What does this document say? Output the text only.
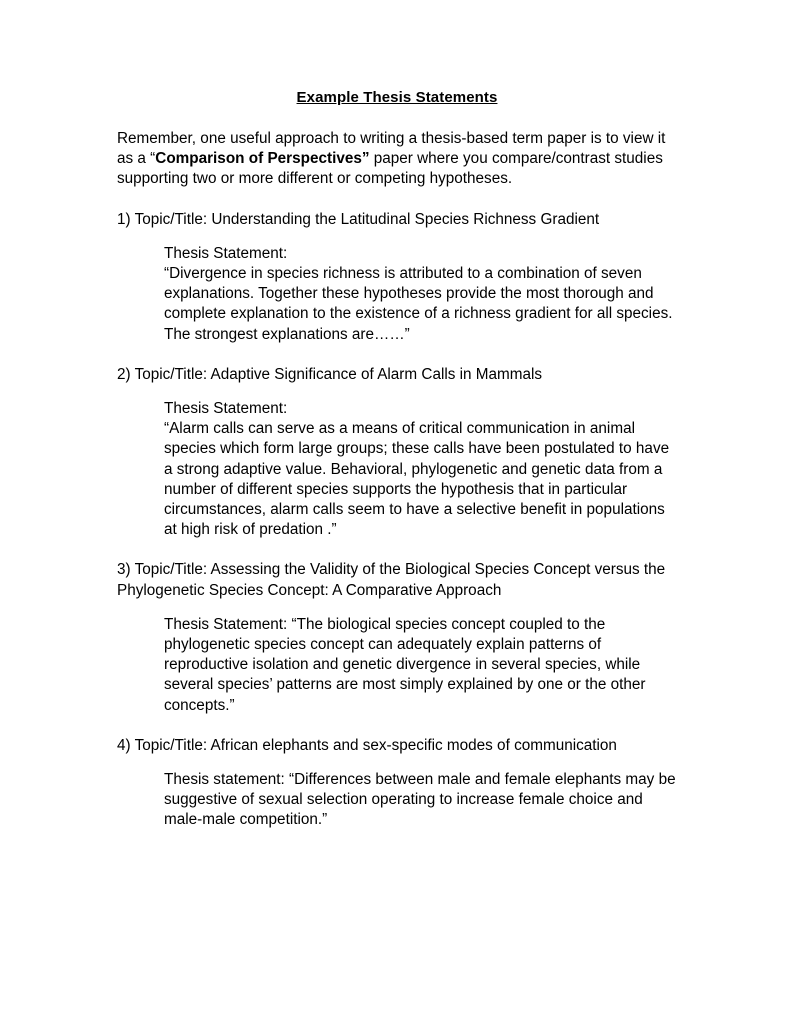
Example Thesis Statements

Remember, one useful approach to writing a thesis-based term paper is to view it as a “Comparison of Perspectives” paper where you compare/contrast studies supporting two or more different or competing hypotheses.

1) Topic/Title: Understanding the Latitudinal Species Richness Gradient

Thesis Statement:
“Divergence in species richness is attributed to a combination of seven explanations. Together these hypotheses provide the most thorough and complete explanation to the existence of a richness gradient for all species. The strongest explanations are……”

2) Topic/Title: Adaptive Significance of Alarm Calls in Mammals

Thesis Statement:
“Alarm calls can serve as a means of critical communication in animal species which form large groups; these calls have been postulated to have a strong adaptive value. Behavioral, phylogenetic and genetic data from a number of different species supports the hypothesis that in particular circumstances, alarm calls seem to have a selective benefit in populations at high risk of predation .”

3) Topic/Title: Assessing the Validity of the Biological Species Concept versus the Phylogenetic Species Concept: A Comparative Approach

Thesis Statement: “The biological species concept coupled to the phylogenetic species concept can adequately explain patterns of reproductive isolation and genetic divergence in several species, while several species’ patterns are most simply explained by one or the other concepts.”

4) Topic/Title: African elephants and sex-specific modes of communication

Thesis statement: “Differences between male and female elephants may be suggestive of sexual selection operating to increase female choice and male-male competition.”
